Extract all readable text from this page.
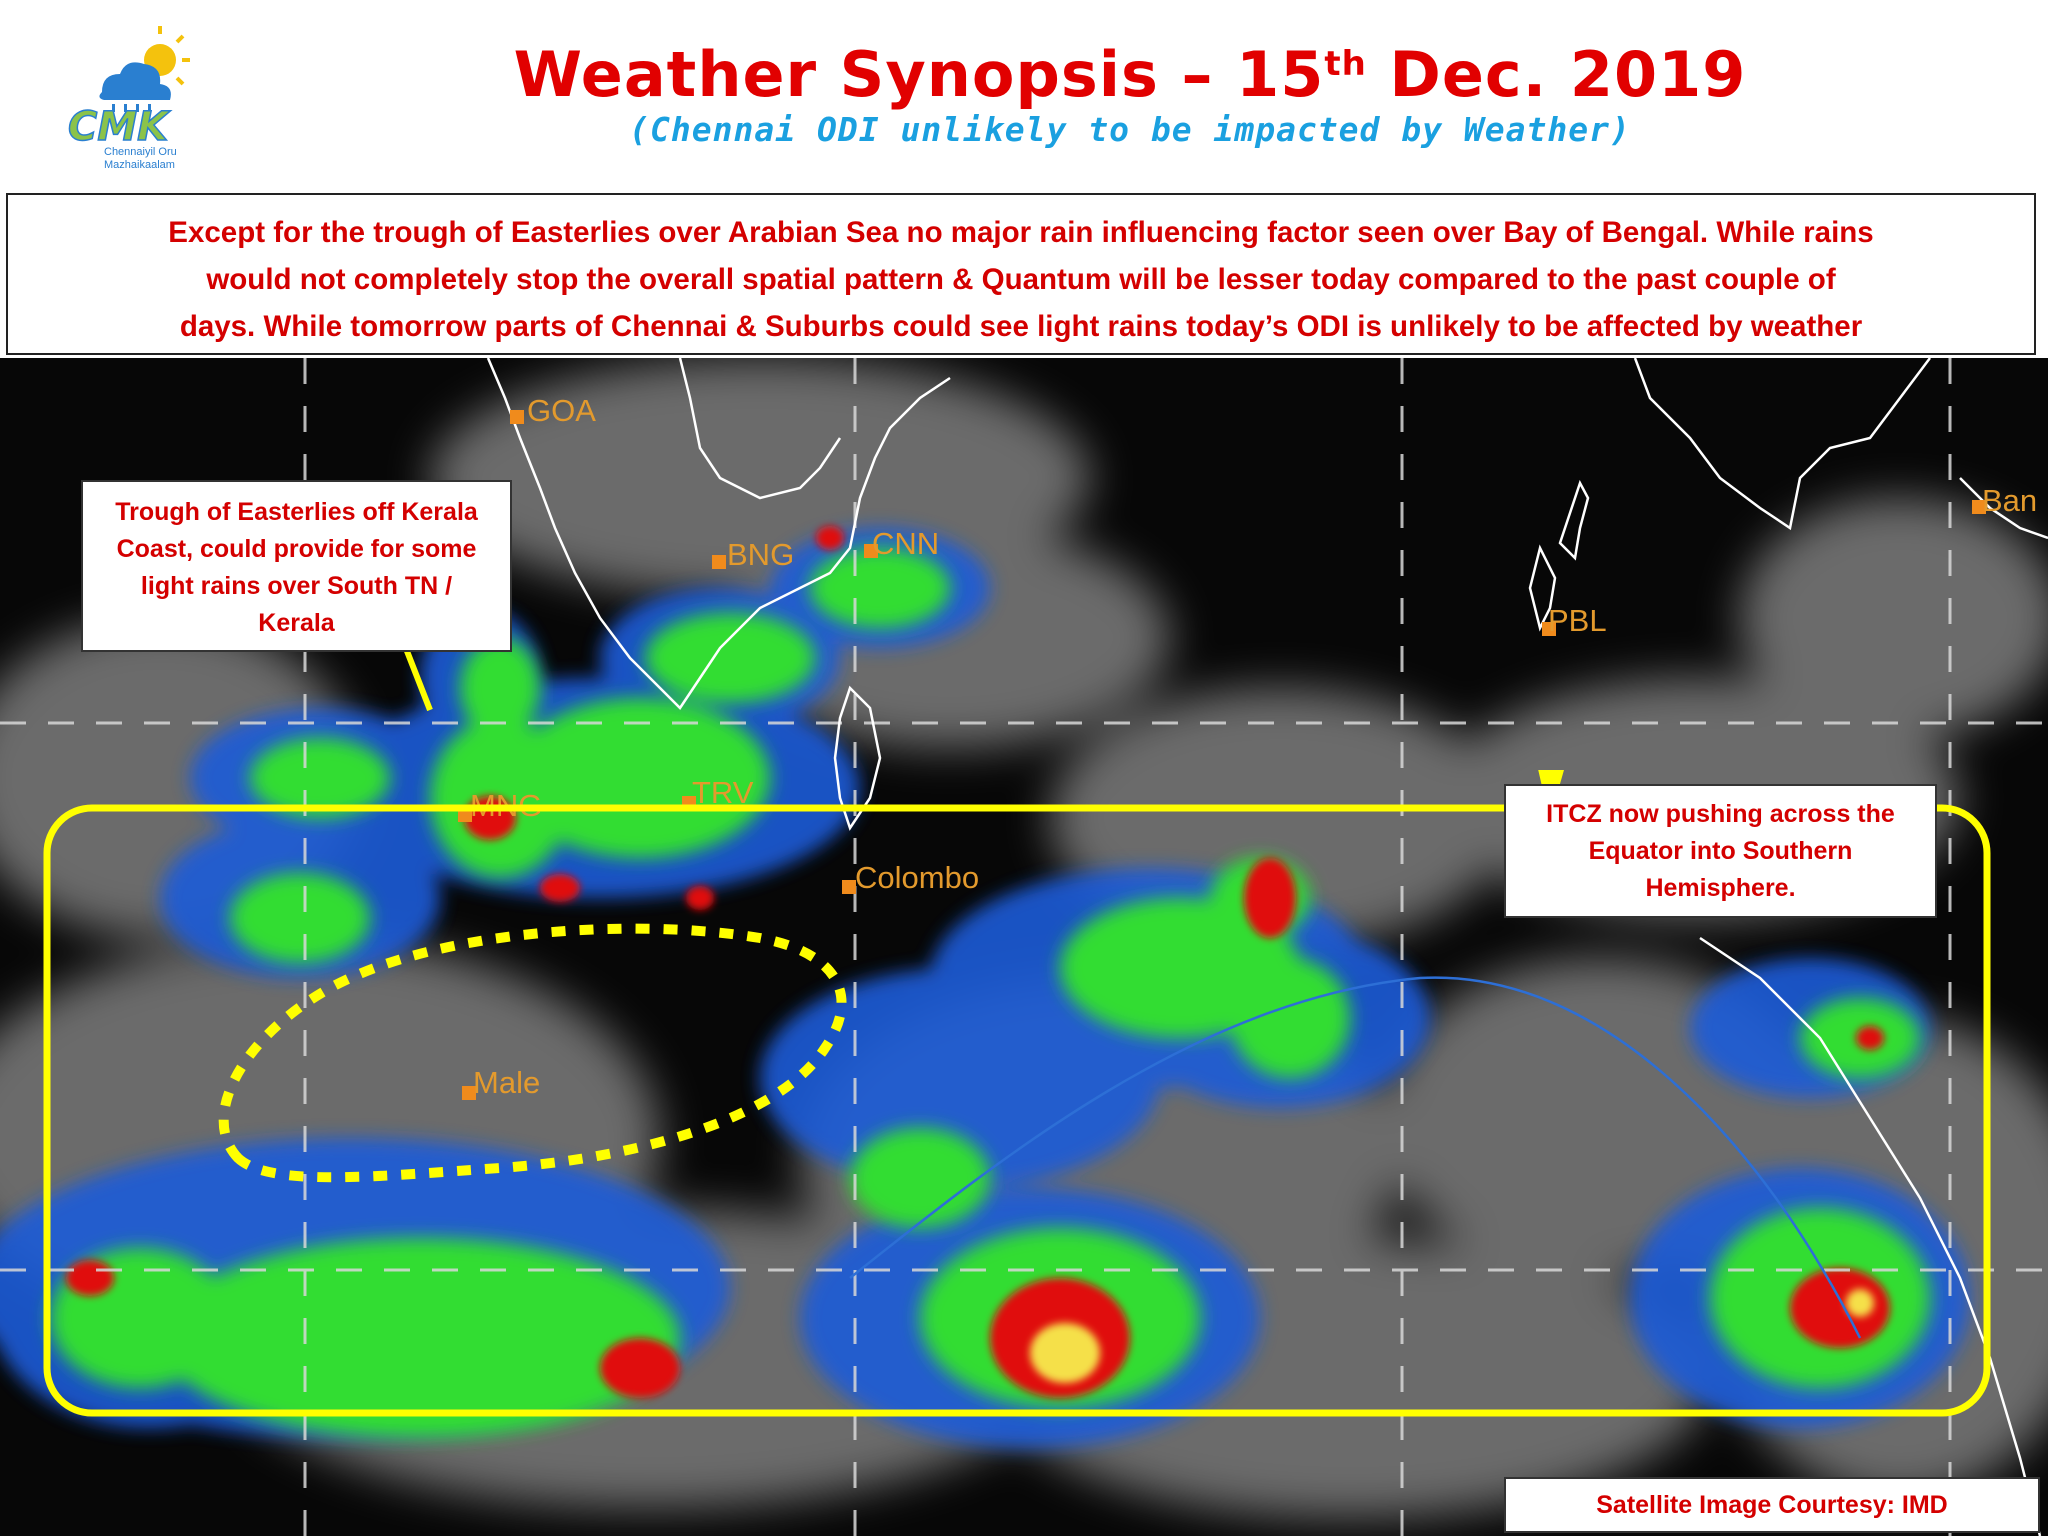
CMK
Chennaiyil Oru
Mazhaikaalam
Weather Synopsis – 15th Dec. 2019
(Chennai ODI unlikely to be impacted by Weather)
Except for the trough of Easterlies over Arabian Sea no major rain influencing factor seen over Bay of Bengal. While rains
would not completely stop the overall spatial pattern & Quantum will be lesser today compared to the past couple of
days. While tomorrow parts of Chennai & Suburbs could see light rains today’s ODI is unlikely to be affected by weather
GOA
BNG	CNN
PBL
Ban
MNG	TRV
Colombo
Male
Trough of Easterlies off Kerala
Coast, could provide for some
light rains over South TN /
Kerala
ITCZ now pushing across the
Equator into Southern
Hemisphere.
Satellite Image Courtesy: IMD
